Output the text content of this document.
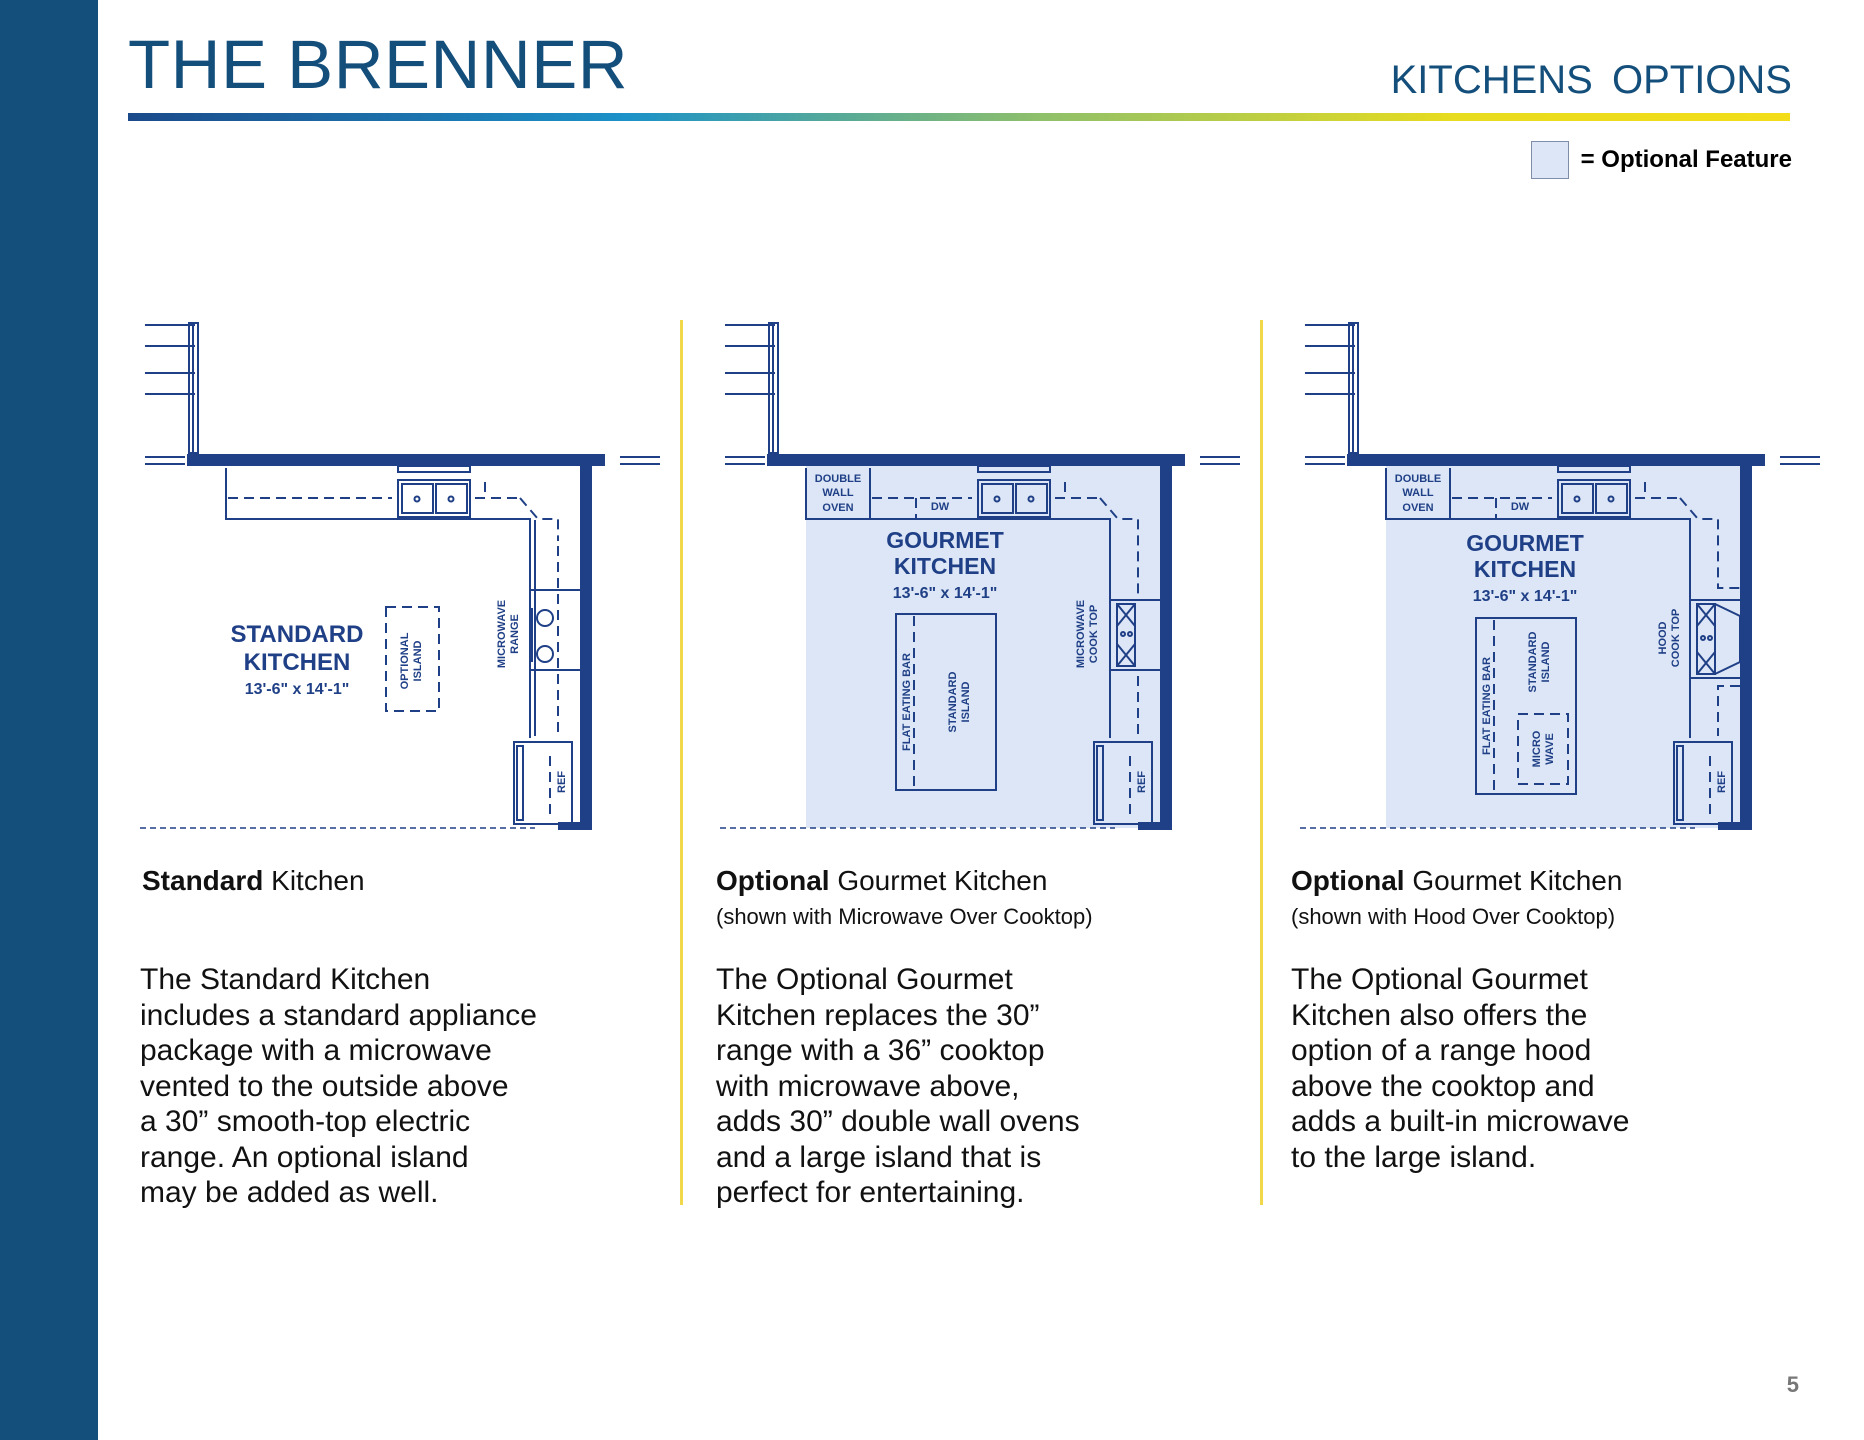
THE BRENNER	KITCHENS OPTIONS
= Optional Feature
STANDARD
KITCHEN
13'-6" x 14'-1"
OPTIONAL ISLAND	MICROWAVE RANGE
REF
DOUBLE
WALL
OVEN	DW
GOURMET
KITCHEN
13'-6" x 14'-1"
FLAT EATING BAR	STANDARD ISLAND
MICROWAVE COOK TOP
REF
DOUBLE
WALL
OVEN	DW
GOURMET
KITCHEN
13'-6" x 14'-1"
FLAT EATING BAR	STANDARD ISLAND
MICRO WAVE
HOOD COOK TOP
REF
Standard Kitchen	Optional Gourmet Kitchen
(shown with Microwave Over Cooktop)
Optional Gourmet Kitchen
(shown with Hood Over Cooktop)
The Standard Kitchen
includes a standard appliance
package with a microwave
vented to the outside above
a 30” smooth-top electric
range. An optional island
may be added as well.
The Optional Gourmet
Kitchen replaces the 30”
range with a 36” cooktop
with microwave above,
adds 30” double wall ovens
and a large island that is
perfect for entertaining.
The Optional Gourmet
Kitchen also offers the
option of a range hood
above the cooktop and
adds a built-in microwave
to the large island.
5
